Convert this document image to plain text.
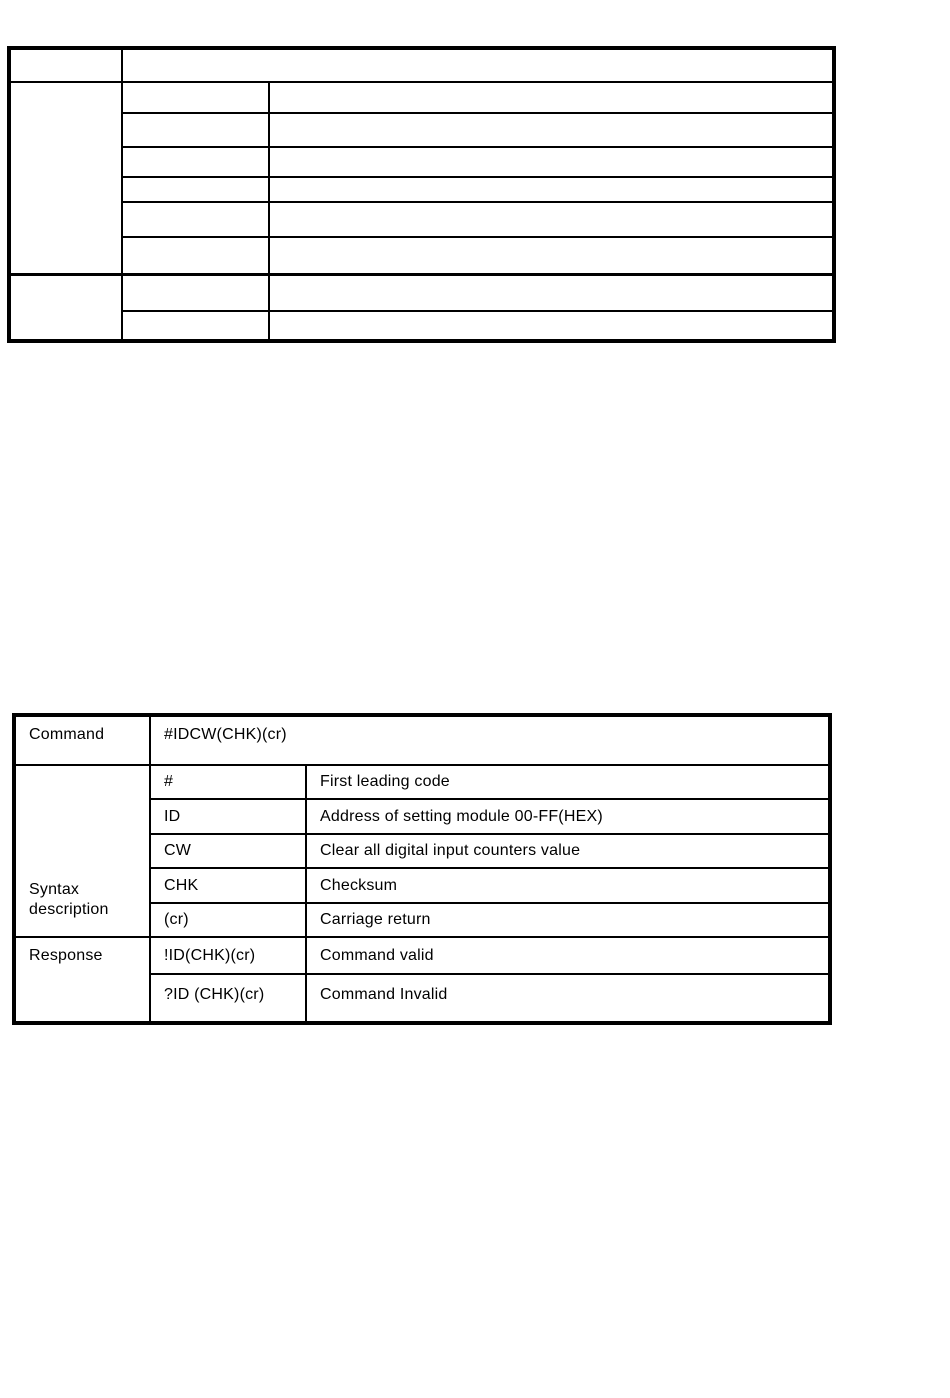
Command	#IDCW(CHK)(cr)	
Syntax description	#	First leading code
	ID	Address of setting module 00-FF(HEX)
	CW	Clear all digital input counters value
	CHK	Checksum
	(cr)	Carriage return
Response	!ID(CHK)(cr)	Command valid
	?ID (CHK)(cr)	Command Invalid
